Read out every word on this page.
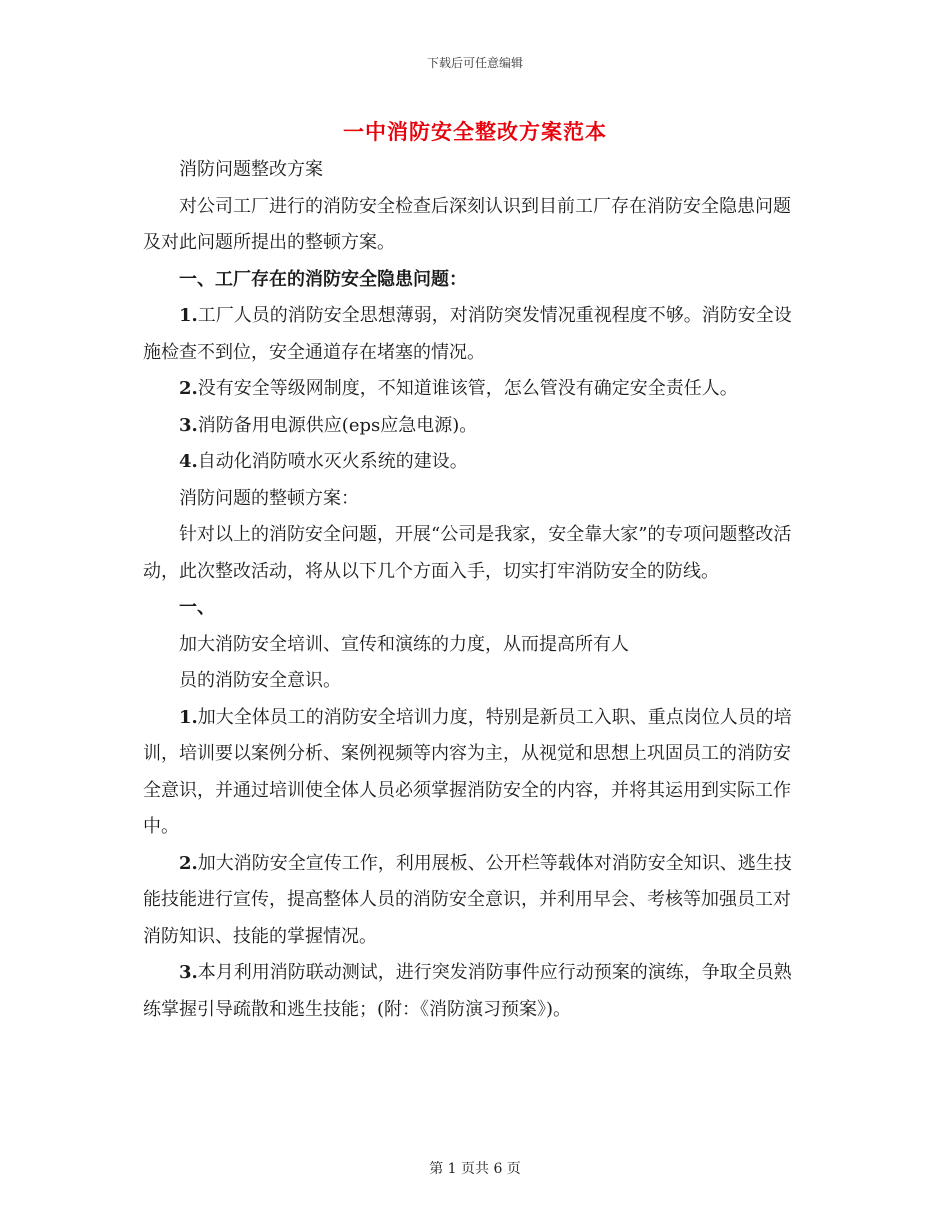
下载后可任意编辑
一中消防安全整改方案范本

消防问题整改方案

对公司工厂进行的消防安全检查后深刻认识到目前工厂存在消防安全隐患问题及对此问题所提出的整顿方案。

一、工厂存在的消防安全隐患问题：

1.工厂人员的消防安全思想薄弱，对消防突发情况重视程度不够。消防安全设施检查不到位，安全通道存在堵塞的情况。

2.没有安全等级网制度，不知道谁该管，怎么管没有确定安全责任人。

3.消防备用电源供应(eps应急电源)。

4.自动化消防喷水灭火系统的建设。

消防问题的整顿方案：

针对以上的消防安全问题，开展“公司是我家，安全靠大家”的专项问题整改活动，此次整改活动，将从以下几个方面入手，切实打牢消防安全的防线。

一、

加大消防安全培训、宣传和演练的力度，从而提高所有人

员的消防安全意识。

1.加大全体员工的消防安全培训力度，特别是新员工入职、重点岗位人员的培训，培训要以案例分析、案例视频等内容为主，从视觉和思想上巩固员工的消防安全意识，并通过培训使全体人员必须掌握消防安全的内容，并将其运用到实际工作中。

2.加大消防安全宣传工作，利用展板、公开栏等载体对消防安全知识、逃生技能技能进行宣传，提高整体人员的消防安全意识，并利用早会、考核等加强员工对消防知识、技能的掌握情况。

3.本月利用消防联动测试，进行突发消防事件应行动预案的演练，争取全员熟练掌握引导疏散和逃生技能；(附：《消防演习预案》)。

第 1 页共 6 页
